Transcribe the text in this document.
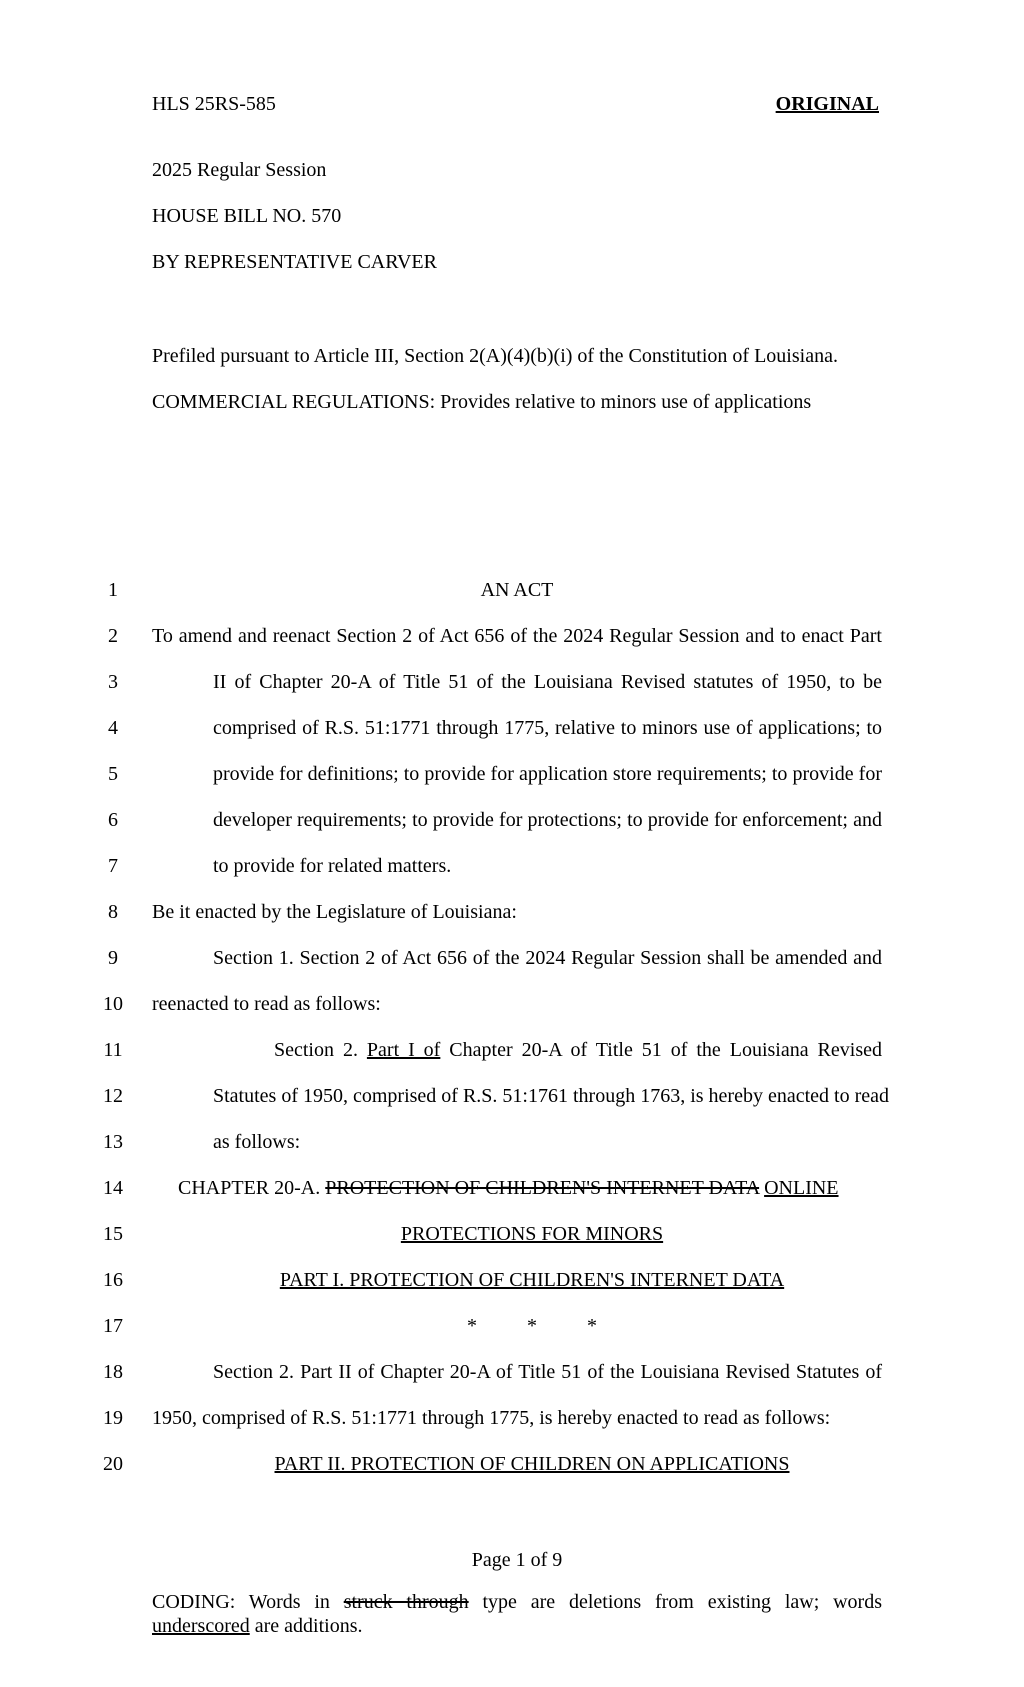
HLS 25RS-585	ORIGINAL
2025 Regular Session
HOUSE BILL NO. 570
BY REPRESENTATIVE CARVER
Prefiled pursuant to Article III, Section 2(A)(4)(b)(i) of the Constitution of Louisiana.
COMMERCIAL REGULATIONS: Provides relative to minors use of applications
1
2
3
4
5
6
7
8
9
10
11
12
13
14
15
16
17
18
19
20
AN ACT
To amend and reenact Section 2 of Act 656 of the 2024 Regular Session and to enact Part
II of Chapter 20-A of Title 51 of the Louisiana Revised statutes of 1950, to be
comprised of R.S. 51:1771 through 1775, relative to minors use of applications; to
provide for definitions; to provide for application store requirements; to provide for
developer requirements; to provide for protections; to provide for enforcement; and
to provide for related matters.
Be it enacted by the Legislature of Louisiana:
Section 1. Section 2 of Act 656 of the 2024 Regular Session shall be amended and
reenacted to read as follows:
Section 2. Part I of Chapter 20-A of Title 51 of the Louisiana Revised
Statutes of 1950, comprised of R.S. 51:1761 through 1763, is hereby enacted to read
as follows:
CHAPTER 20-A. PROTECTION OF CHILDREN'S INTERNET DATA ONLINE
PROTECTIONS FOR MINORS
PART I. PROTECTION OF CHILDREN'S INTERNET DATA
*          *          *
Section 2. Part II of Chapter 20-A of Title 51 of the Louisiana Revised Statutes of
1950, comprised of R.S. 51:1771 through 1775, is hereby enacted to read as follows:
PART II. PROTECTION OF CHILDREN ON APPLICATIONS
Page 1 of 9
CODING: Words in struck through type are deletions from existing law; words underscored are additions.
